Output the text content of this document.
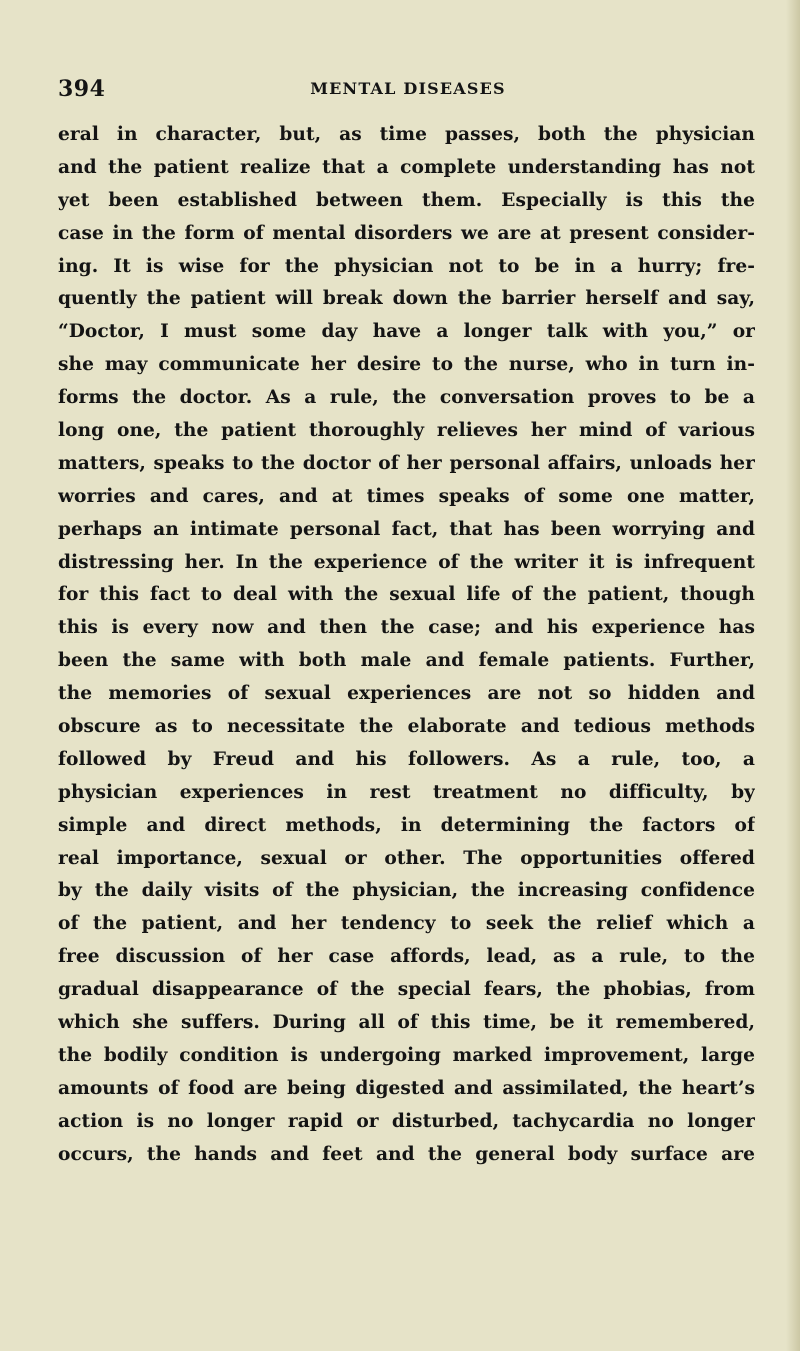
394	MENTAL DISEASES
eral in character, but, as time passes, both the physician
and the patient realize that a complete understanding has not
yet been established between them. Especially is this the
case in the form of mental disorders we are at present consider-
ing. It is wise for the physician not to be in a hurry; fre-
quently the patient will break down the barrier herself and say,
“Doctor, I must some day have a longer talk with you,” or
she may communicate her desire to the nurse, who in turn in-
forms the doctor. As a rule, the conversation proves to be a
long one, the patient thoroughly relieves her mind of various
matters, speaks to the doctor of her personal affairs, unloads her
worries and cares, and at times speaks of some one matter,
perhaps an intimate personal fact, that has been worrying and
distressing her. In the experience of the writer it is infrequent
for this fact to deal with the sexual life of the patient, though
this is every now and then the case; and his experience has
been the same with both male and female patients. Further,
the memories of sexual experiences are not so hidden and
obscure as to necessitate the elaborate and tedious methods
followed by Freud and his followers. As a rule, too, a
physician experiences in rest treatment no difficulty, by
simple and direct methods, in determining the factors of
real importance, sexual or other. The opportunities offered
by the daily visits of the physician, the increasing confidence
of the patient, and her tendency to seek the relief which a
free discussion of her case affords, lead, as a rule, to the
gradual disappearance of the special fears, the phobias, from
which she suffers. During all of this time, be it remembered,
the bodily condition is undergoing marked improvement, large
amounts of food are being digested and assimilated, the heart’s
action is no longer rapid or disturbed, tachycardia no longer
occurs, the hands and feet and the general body surface are
